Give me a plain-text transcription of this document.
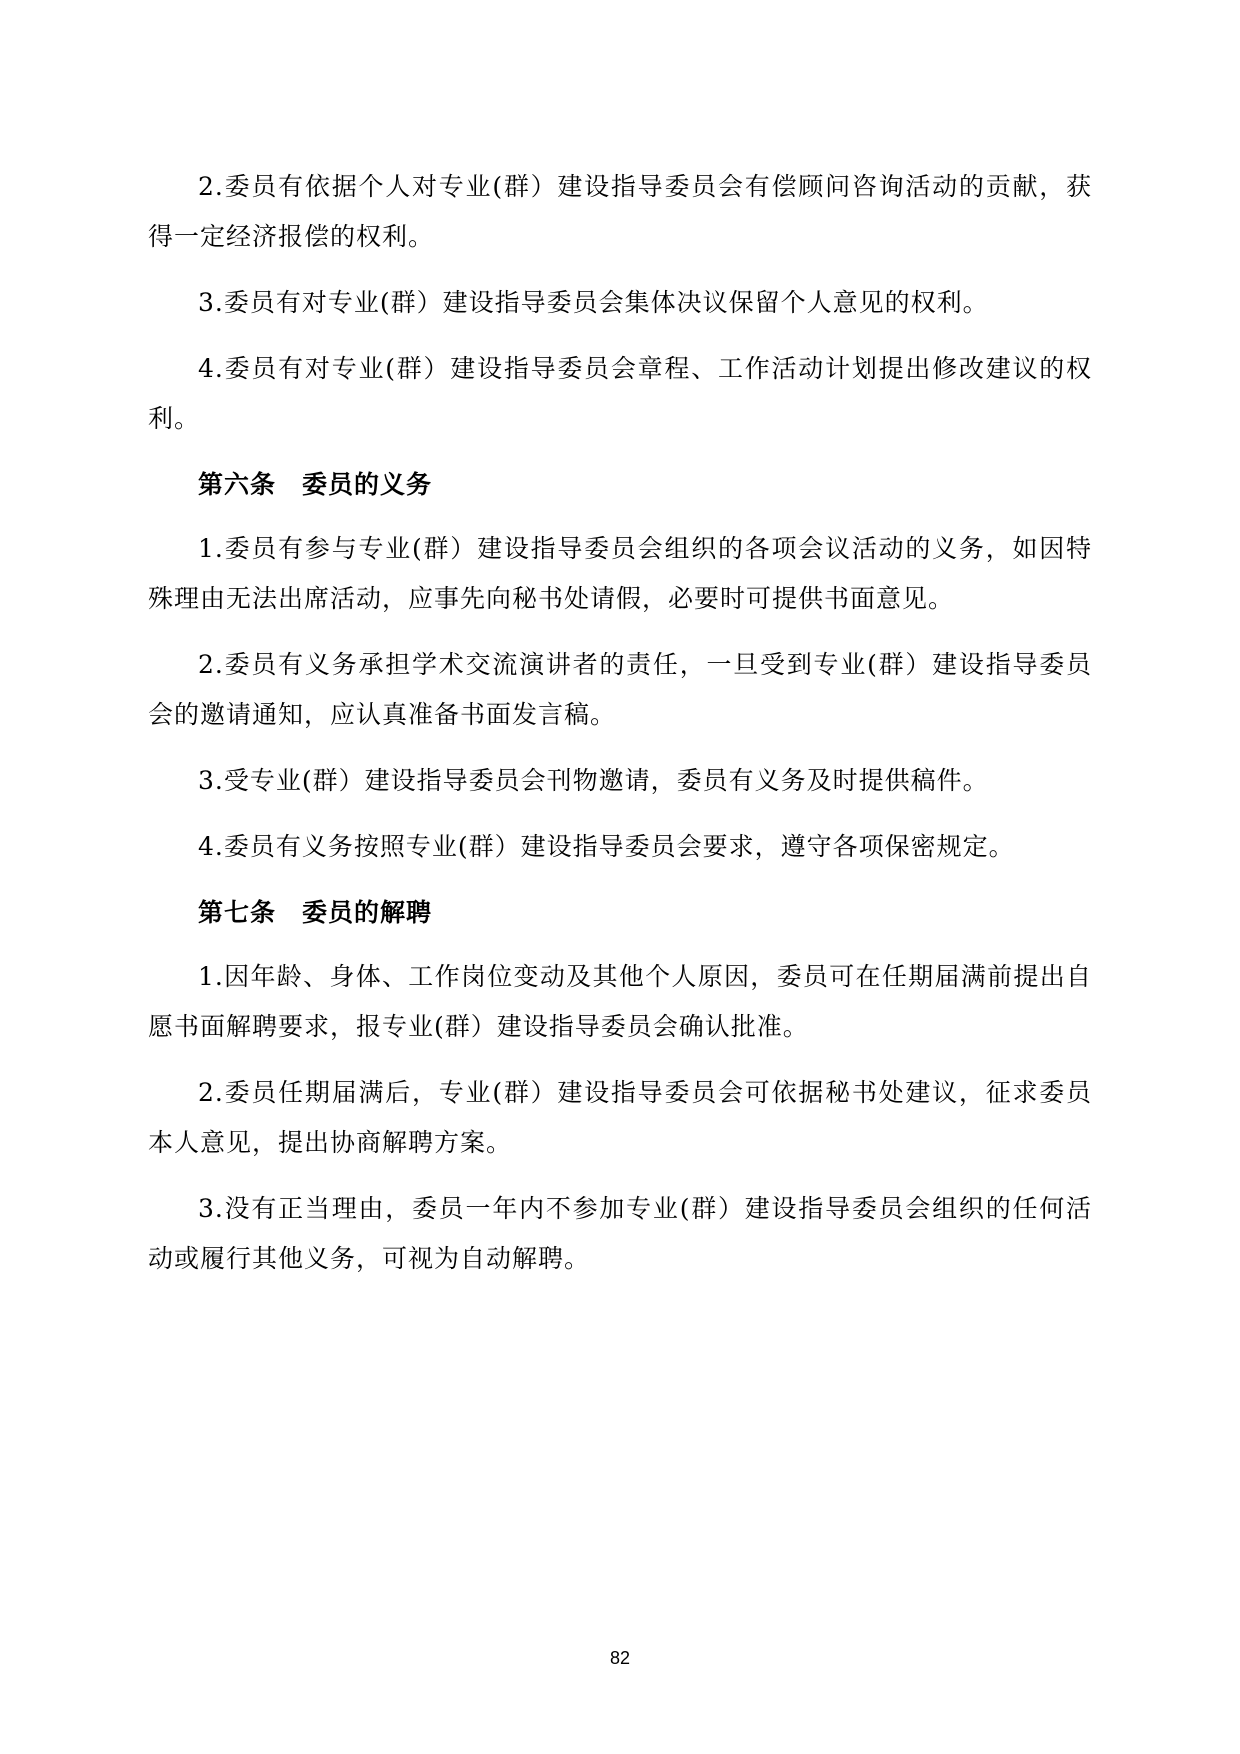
2.委员有依据个人对专业(群）建设指导委员会有偿顾问咨询活动的贡献，获得一定经济报偿的权利。

3.委员有对专业(群）建设指导委员会集体决议保留个人意见的权利。

4.委员有对专业(群）建设指导委员会章程、工作活动计划提出修改建议的权利。

第六条　委员的义务

1.委员有参与专业(群）建设指导委员会组织的各项会议活动的义务，如因特殊理由无法出席活动，应事先向秘书处请假，必要时可提供书面意见。

2.委员有义务承担学术交流演讲者的责任，一旦受到专业(群）建设指导委员会的邀请通知，应认真准备书面发言稿。

3.受专业(群）建设指导委员会刊物邀请，委员有义务及时提供稿件。

4.委员有义务按照专业(群）建设指导委员会要求，遵守各项保密规定。

第七条　委员的解聘

1.因年龄、身体、工作岗位变动及其他个人原因，委员可在任期届满前提出自愿书面解聘要求，报专业(群）建设指导委员会确认批准。

2.委员任期届满后，专业(群）建设指导委员会可依据秘书处建议，征求委员本人意见，提出协商解聘方案。

3.没有正当理由，委员一年内不参加专业(群）建设指导委员会组织的任何活动或履行其他义务，可视为自动解聘。

82
